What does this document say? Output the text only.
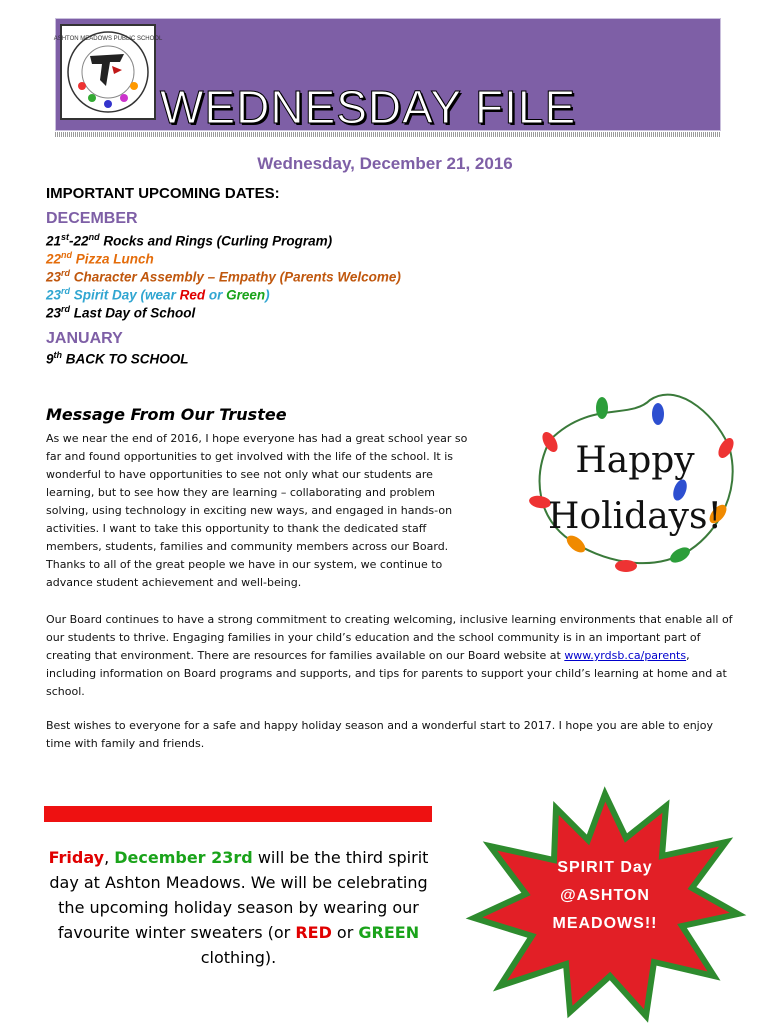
ASHTON MEADOWS PUBLIC SCHOOL
WEDNESDAY FILE
Wednesday, December 21, 2016
IMPORTANT UPCOMING DATES:
DECEMBER
21st-22nd Rocks and Rings (Curling Program)
22nd Pizza Lunch
23rd Character Assembly – Empathy (Parents Welcome)
23rd Spirit Day (wear Red or Green)
23rd Last Day of School
JANUARY
9th BACK TO SCHOOL
Message From Our Trustee
As we near the end of 2016, I hope everyone has had a great school year so far and found opportunities to get involved with the life of the school. It is wonderful to have opportunities to see not only what our students are learning, but to see how they are learning – collaborating and problem solving, using technology in exciting new ways, and engaged in hands-on activities. I want to take this opportunity to thank the dedicated staff members, students, families and community members across our Board. Thanks to all of the great people we have in our system, we continue to advance student achievement and well-being.
Our Board continues to have a strong commitment to creating welcoming, inclusive learning environments that enable all of our students to thrive. Engaging families in your child’s education and the school community is in an important part of creating that environment. There are resources for families available on our Board website at www.yrdsb.ca/parents, including information on Board programs and supports, and tips for parents to support your child’s learning at home and at school.
Best wishes to everyone for a safe and happy holiday season and a wonderful start to 2017. I hope you are able to enjoy time with family and friends.
Happy
Holidays!
Friday, December 23rd will be the third spirit day at Ashton Meadows. We will be celebrating the upcoming holiday season by wearing our favourite winter sweaters (or RED or GREEN clothing).
SPIRIT Day
@ASHTON
MEADOWS!!
